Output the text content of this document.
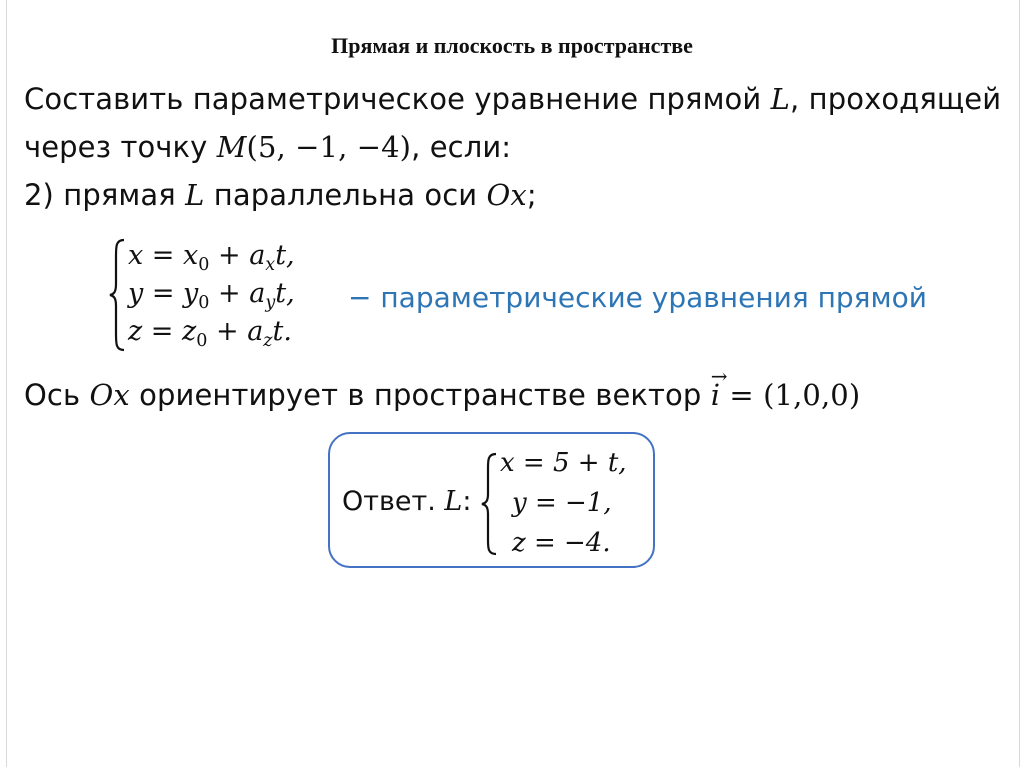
Прямая и плоскость в пространстве
Составить параметрическое уравнение прямой L, проходящей
через точку M(5, −1, −4), если:
2) прямая L параллельна оси Ox;
$x = x_0 + a_xt$,
$y = y_0 + a_yt$,
$z = z_0 + a_zt$.
− параметрические уравнения прямой
Ось Ox ориентирует в пространстве вектор
→
i = (1,0,0)
Ответ. L:
x = 5 + t,
y = −1,
z = −4.
